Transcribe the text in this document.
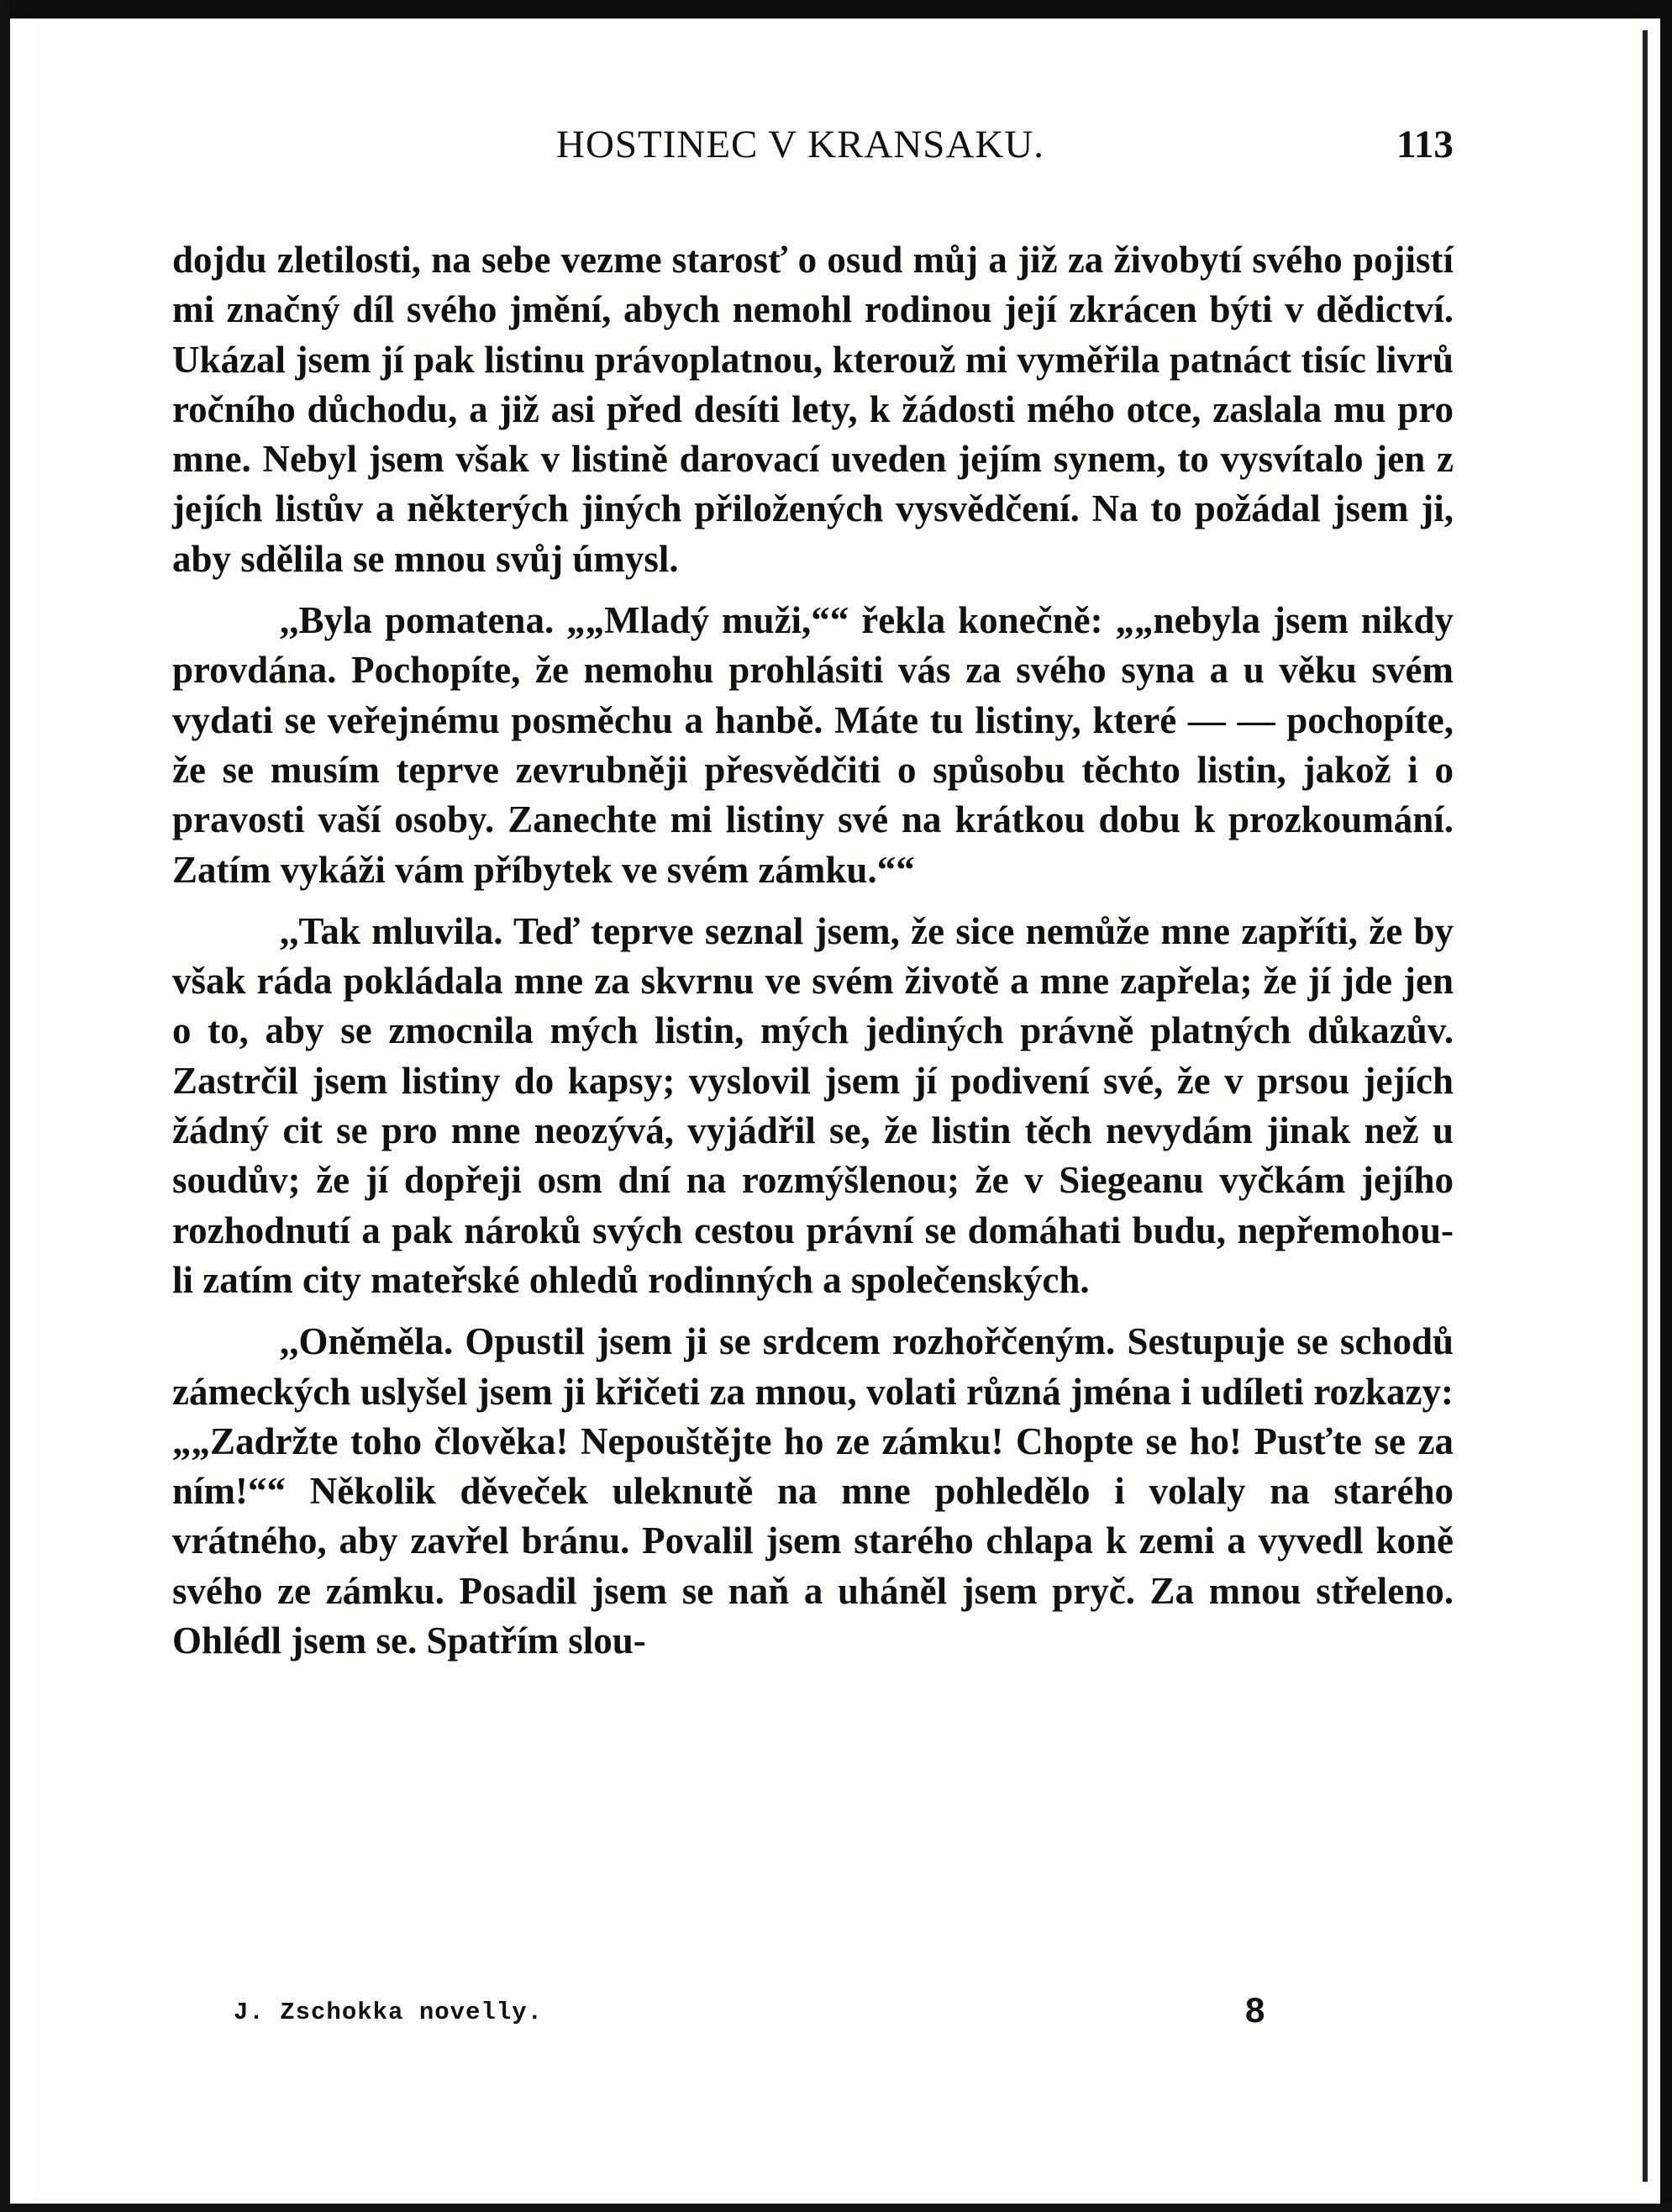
HOSTINEC V KRANSAKU.	113

dojdu zletilosti, na sebe vezme starosť o osud můj a již za živobytí svého pojistí mi značný díl svého jmění, abych nemohl rodinou její zkrácen býti v dědictví. Ukázal jsem jí pak listinu právoplatnou, kterouž mi vyměřila patnáct tisíc livrů ročního důchodu, a již asi před desíti lety, k žádosti mého otce, zaslala mu pro mne. Nebyl jsem však v listině darovací uveden jejím synem, to vysvítalo jen z jejích listův a některých jiných přiložených vysvědčení. Na to požádal jsem ji, aby sdělila se mnou svůj úmysl.

,,Byla pomatena. „„Mladý muži,““ řekla konečně: „„nebyla jsem nikdy provdána. Pochopíte, že nemohu prohlásiti vás za svého syna a u věku svém vydati se veřejnému posměchu a hanbě. Máte tu listiny, které — — pochopíte, že se musím teprve zevrubněji přesvědčiti o spůsobu těchto listin, jakož i o pravosti vaší osoby. Zanechte mi listiny své na krátkou dobu k prozkoumání. Zatím vykáži vám příbytek ve svém zámku.““

,,Tak mluvila. Teď teprve seznal jsem, že sice nemůže mne zapříti, že by však ráda pokládala mne za skvrnu ve svém životě a mne zapřela; že jí jde jen o to, aby se zmocnila mých listin, mých jediných právně platných důkazův. Zastrčil jsem listiny do kapsy; vyslovil jsem jí podivení své, že v prsou jejích žádný cit se pro mne neozývá, vyjádřil se, že listin těch nevydám jinak než u soudův; že jí dopřeji osm dní na rozmýšlenou; že v Siegeanu vyčkám jejího rozhodnutí a pak nároků svých cestou právní se domáhati budu, nepřemohou-li zatím city mateřské ohledů rodinných a společenských.

,,Oněměla. Opustil jsem ji se srdcem rozhořčeným. Sestupuje se schodů zámeckých uslyšel jsem ji křičeti za mnou, volati různá jména i udíleti rozkazy: „„Zadržte toho člověka! Nepouštějte ho ze zámku! Chopte se ho! Pusťte se za ním!““ Několik děveček uleknutě na mne pohledělo i volaly na starého vrátného, aby zavřel bránu. Povalil jsem starého chlapa k zemi a vyvedl koně svého ze zámku. Posadil jsem se naň a uháněl jsem pryč. Za mnou střeleno. Ohlédl jsem se. Spatřím slou-

J. Zschokka novelly.	8
